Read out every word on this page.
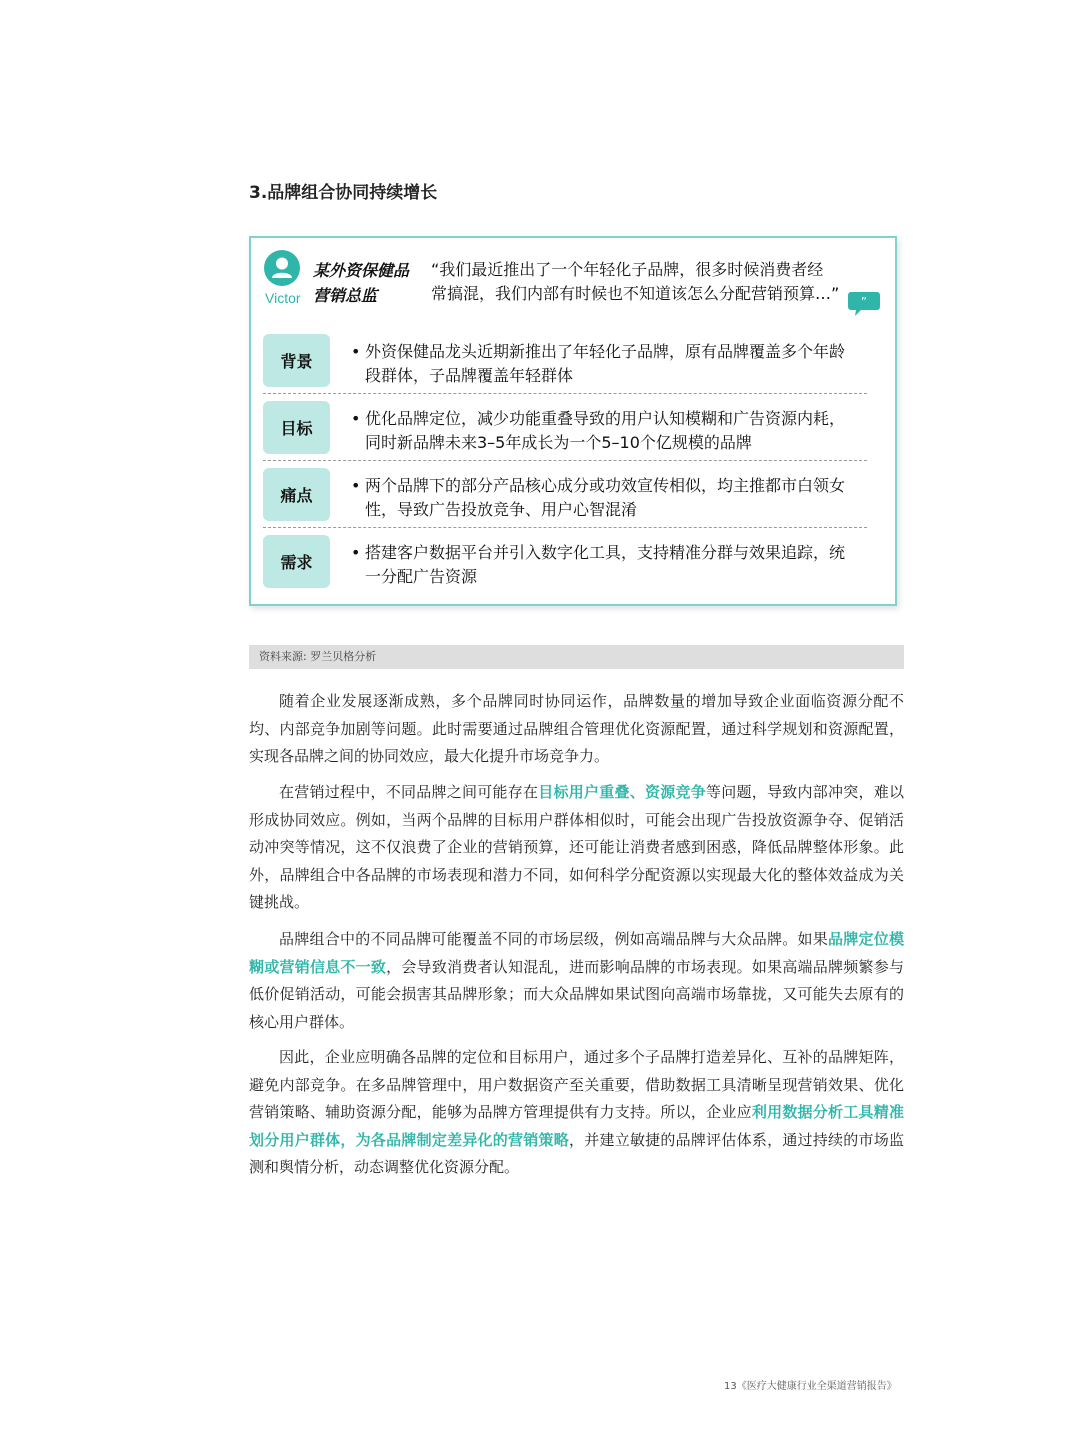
3.品牌组合协同持续增长
Victor
某外资保健品
营销总监
“我们最近推出了一个年轻化子品牌，很多时候消费者经
常搞混，我们内部有时候也不知道该怎么分配营销预算…”	”
背景
• 外资保健品龙头近期新推出了年轻化子品牌，原有品牌覆盖多个年龄
段群体，子品牌覆盖年轻群体
目标
• 优化品牌定位，减少功能重叠导致的用户认知模糊和广告资源内耗，
同时新品牌未来3–5年成长为一个5–10个亿规模的品牌
痛点
• 两个品牌下的部分产品核心成分或功效宣传相似，均主推都市白领女
性，导致广告投放竞争、用户心智混淆
需求
• 搭建客户数据平台并引入数字化工具，支持精准分群与效果追踪，统
一分配广告资源
资料来源: 罗兰贝格分析

随着企业发展逐渐成熟，多个品牌同时协同运作，品牌数量的增加导致企业面临资源分配不均、内部竞争加剧等问题。此时需要通过品牌组合管理优化资源配置，通过科学规划和资源配置，实现各品牌之间的协同效应，最大化提升市场竞争力。

在营销过程中，不同品牌之间可能存在目标用户重叠、资源竞争等问题，导致内部冲突，难以形成协同效应。例如，当两个品牌的目标用户群体相似时，可能会出现广告投放资源争夺、促销活动冲突等情况，这不仅浪费了企业的营销预算，还可能让消费者感到困惑，降低品牌整体形象。此外，品牌组合中各品牌的市场表现和潜力不同，如何科学分配资源以实现最大化的整体效益成为关键挑战。

品牌组合中的不同品牌可能覆盖不同的市场层级，例如高端品牌与大众品牌。如果品牌定位模糊或营销信息不一致，会导致消费者认知混乱，进而影响品牌的市场表现。如果高端品牌频繁参与低价促销活动，可能会损害其品牌形象；而大众品牌如果试图向高端市场靠拢，又可能失去原有的核心用户群体。

因此，企业应明确各品牌的定位和目标用户，通过多个子品牌打造差异化、互补的品牌矩阵，避免内部竞争。在多品牌管理中，用户数据资产至关重要，借助数据工具清晰呈现营销效果、优化营销策略、辅助资源分配，能够为品牌方管理提供有力支持。所以，企业应利用数据分析工具精准划分用户群体，为各品牌制定差异化的营销策略，并建立敏捷的品牌评估体系，通过持续的市场监测和舆情分析，动态调整优化资源分配。

13《医疗大健康行业全渠道营销报告》
